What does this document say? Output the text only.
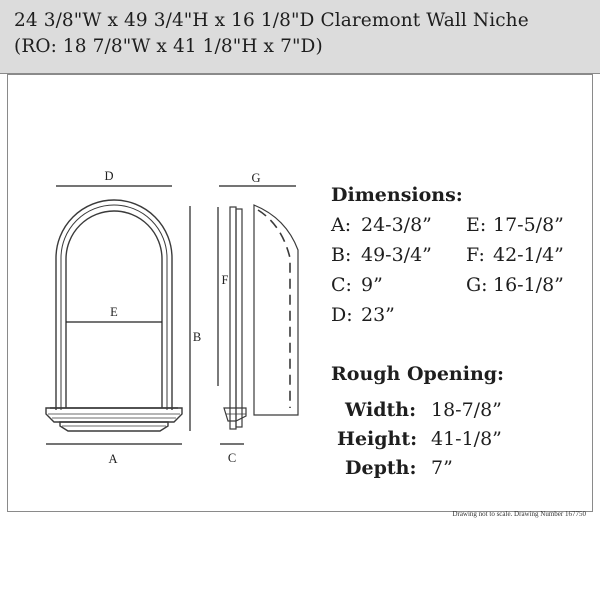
24 3/8"W x 49 3/4"H x 16 1/8"D Claremont Wall Niche
(RO: 18 7/8"W x 41 1/8"H x 7"D)
D
E
A
B
G
F
C
Dimensions:
A: 24-3/8”
B: 49-3/4”
C: 9”
D: 23”
E: 17-5/8”
F: 42-1/4”
G: 16-1/8”
Rough Opening:
Width: 18-7/8”
Height: 41-1/8”
Depth: 7”
Drawing not to scale. Drawing Number 167750
